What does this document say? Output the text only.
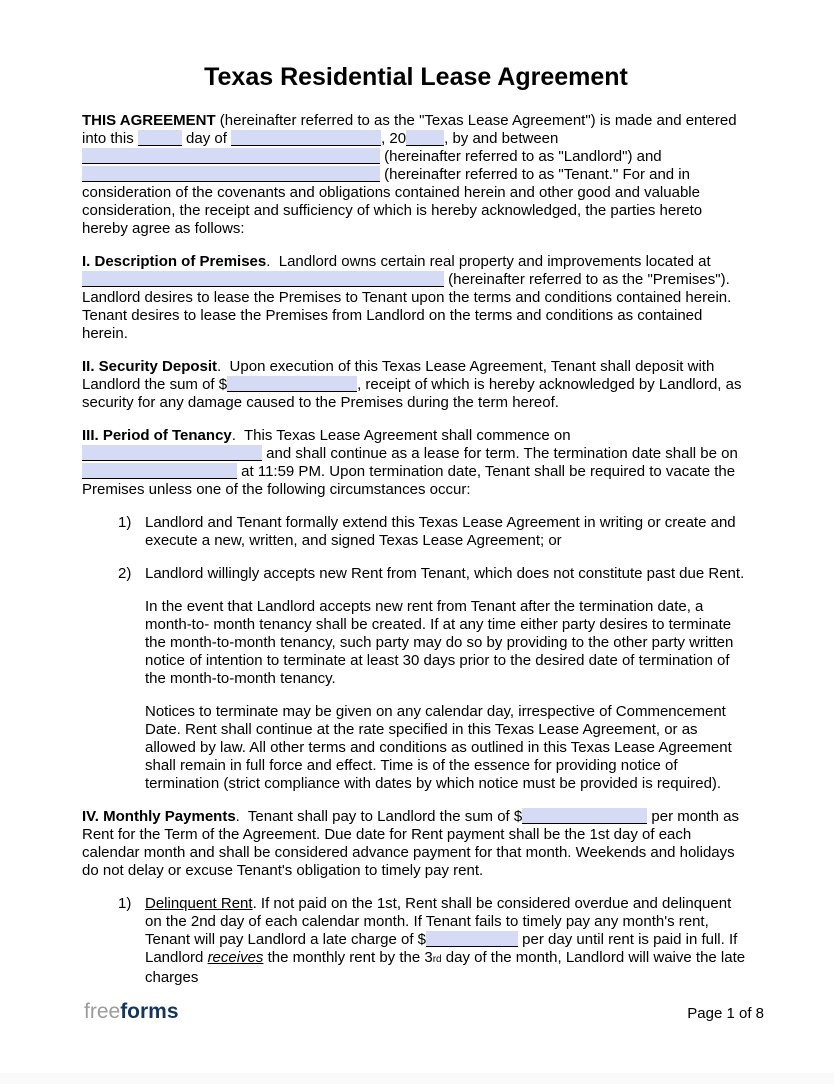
Texas Residential Lease Agreement
THIS AGREEMENT (hereinafter referred to as the "Texas Lease Agreement") is made and entered into this	day of	, 20	, by and between  (hereinafter referred to as "Landlord") and  (hereinafter referred to as "Tenant." For and in consideration of the covenants and obligations contained herein and other good and valuable consideration, the receipt and sufficiency of which is hereby acknowledged, the parties hereto hereby agree as follows:
I. Description of Premises.  Landlord owns certain real property and improvements located at  (hereinafter referred to as the "Premises"). Landlord desires to lease the Premises to Tenant upon the terms and conditions contained herein. Tenant desires to lease the Premises from Landlord on the terms and conditions as contained herein.
II. Security Deposit.  Upon execution of this Texas Lease Agreement, Tenant shall deposit with Landlord the sum of $	, receipt of which is hereby acknowledged by Landlord, as security for any damage caused to the Premises during the term hereof.
III. Period of Tenancy.  This Texas Lease Agreement shall commence on  and shall continue as a lease for term. The termination date shall be on  at 11:59 PM. Upon termination date, Tenant shall be required to vacate the Premises unless one of the following circumstances occur:
1) Landlord and Tenant formally extend this Texas Lease Agreement in writing or create and execute a new, written, and signed Texas Lease Agreement; or
2) Landlord willingly accepts new Rent from Tenant, which does not constitute past due Rent.
In the event that Landlord accepts new rent from Tenant after the termination date, a month-to- month tenancy shall be created. If at any time either party desires to terminate the month-to-month tenancy, such party may do so by providing to the other party written notice of intention to terminate at least 30 days prior to the desired date of termination of the month-to-month tenancy.
Notices to terminate may be given on any calendar day, irrespective of Commencement Date. Rent shall continue at the rate specified in this Texas Lease Agreement, or as allowed by law. All other terms and conditions as outlined in this Texas Lease Agreement shall remain in full force and effect. Time is of the essence for providing notice of termination (strict compliance with dates by which notice must be provided is required).
IV. Monthly Payments.  Tenant shall pay to Landlord the sum of $	per month as Rent for the Term of the Agreement. Due date for Rent payment shall be the 1st day of each calendar month and shall be considered advance payment for that month. Weekends and holidays do not delay or excuse Tenant's obligation to timely pay rent.
1) Delinquent Rent. If not paid on the 1st, Rent shall be considered overdue and delinquent on the 2nd day of each calendar month. If Tenant fails to timely pay any month's rent, Tenant will pay Landlord a late charge of $	per day until rent is paid in full. If Landlord receives the monthly rent by the 3rd day of the month, Landlord will waive the late charges
freeforms	Page 1 of 8
